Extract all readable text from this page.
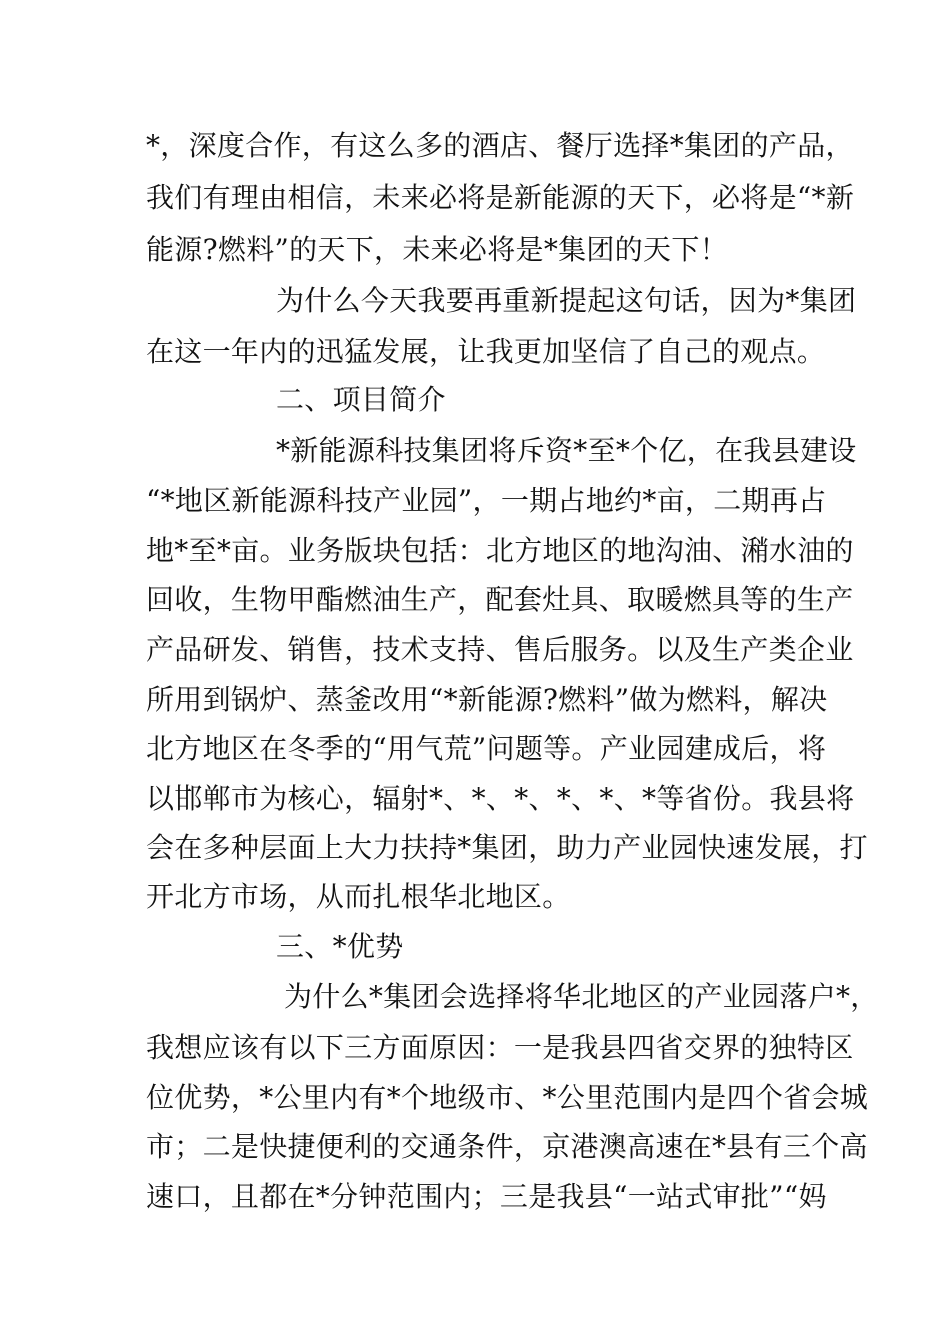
*，深度合作，有这么多的酒店、餐厅选择*集团的产品，
我们有理由相信，未来必将是新能源的天下，必将是“*新
能源?燃料”的天下，未来必将是*集团的天下！
为什么今天我要再重新提起这句话，因为*集团
在这一年内的迅猛发展，让我更加坚信了自己的观点。
二、项目简介
*新能源科技集团将斥资*至*个亿，在我县建设
“*地区新能源科技产业园”，一期占地约*亩，二期再占
地*至*亩。业务版块包括：北方地区的地沟油、潲水油的
回收，生物甲酯燃油生产，配套灶具、取暖燃具等的生产
产品研发、销售，技术支持、售后服务。以及生产类企业
所用到锅炉、蒸釜改用“*新能源?燃料”做为燃料，解决
北方地区在冬季的“用气荒”问题等。产业园建成后，将
以邯郸市为核心，辐射*、*、*、*、*、*等省份。我县将
会在多种层面上大力扶持*集团，助力产业园快速发展，打
开北方市场，从而扎根华北地区。
三、*优势
为什么*集团会选择将华北地区的产业园落户*，
我想应该有以下三方面原因：一是我县四省交界的独特区
位优势，*公里内有*个地级市、*公里范围内是四个省会城
市；二是快捷便利的交通条件，京港澳高速在*县有三个高
速口，且都在*分钟范围内；三是我县“一站式审批”“妈
